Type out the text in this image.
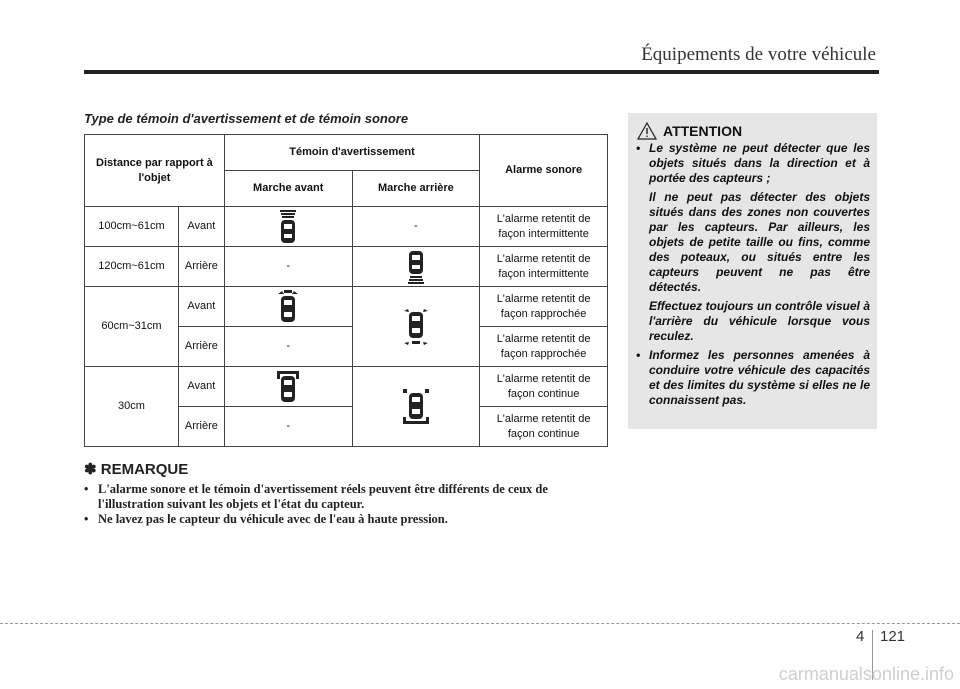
Équipements de votre véhicule
Type de témoin d'avertissement et de témoin sonore
Distance par rapport à l'objet		Témoin d'avertissement		Alarme sonore
		Marche avant	Marche arrière	
100cm~61cm	Avant		-	L'alarme retentit de façon intermittente
120cm~61cm	Arrière	-		L'alarme retentit de façon intermittente
60cm~31cm	Avant			L'alarme retentit de façon rapprochée
	Arrière	-		L'alarme retentit de façon rapprochée
30cm	Avant			L'alarme retentit de façon continue
	Arrière	-		L'alarme retentit de façon continue
✽ REMARQUE
• L'alarme sonore et le témoin d'avertissement réels peuvent être différents de ceux de l'illustration suivant les objets et l'état du capteur.
• Ne lavez pas le capteur du véhicule avec de l'eau à haute pression.
ATTENTION

• Le système ne peut détecter que les objets situés dans la direction et à portée des capteurs ;

Il ne peut pas détecter des objets situés dans des zones non couvertes par les capteurs. Par ailleurs, les objets de petite taille ou fins, comme des poteaux, ou situés entre les capteurs peuvent ne pas être détectés.

Effectuez toujours un contrôle visuel à l'arrière du véhicule lorsque vous reculez.

• Informez les personnes amenées à conduire votre véhicule des capacités et des limites du système si elles ne le connaissent pas.

4 121
carmanualsonline.info
